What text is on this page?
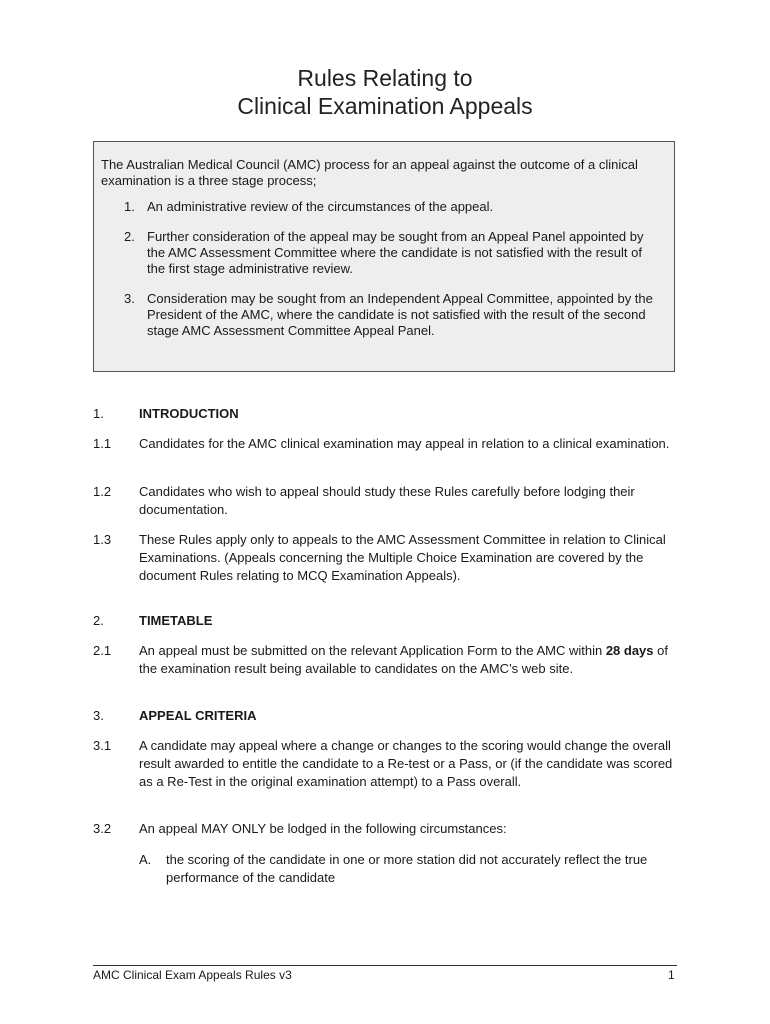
Rules Relating to
Clinical Examination Appeals

The Australian Medical Council (AMC) process for an appeal against the outcome of a clinical examination is a three stage process;

1. An administrative review of the circumstances of the appeal.
2. Further consideration of the appeal may be sought from an Appeal Panel appointed by the AMC Assessment Committee where the candidate is not satisfied with the result of the first stage administrative review.
3. Consideration may be sought from an Independent Appeal Committee, appointed by the President of the AMC, where the candidate is not satisfied with the result of the second stage AMC Assessment Committee Appeal Panel.
1.	INTRODUCTION
1.1	Candidates for the AMC clinical examination may appeal in relation to a clinical examination.
1.2	Candidates who wish to appeal should study these Rules carefully before lodging their documentation.
1.3	These Rules apply only to appeals to the AMC Assessment Committee in relation to Clinical Examinations. (Appeals concerning the Multiple Choice Examination are covered by the document Rules relating to MCQ Examination Appeals).
2.	TIMETABLE
2.1	An appeal must be submitted on the relevant Application Form to the AMC within 28 days of the examination result being available to candidates on the AMC’s web site.
3.	APPEAL CRITERIA
3.1	A candidate may appeal where a change or changes to the scoring would change the overall result awarded to entitle the candidate to a Re-test or a Pass, or (if the candidate was scored as a Re-Test in the original examination attempt) to a Pass overall.
3.2	An appeal MAY ONLY be lodged in the following circumstances:
A.	the scoring of the candidate in one or more station did not accurately reflect the true performance of the candidate
AMC Clinical Exam Appeals Rules v3	1
